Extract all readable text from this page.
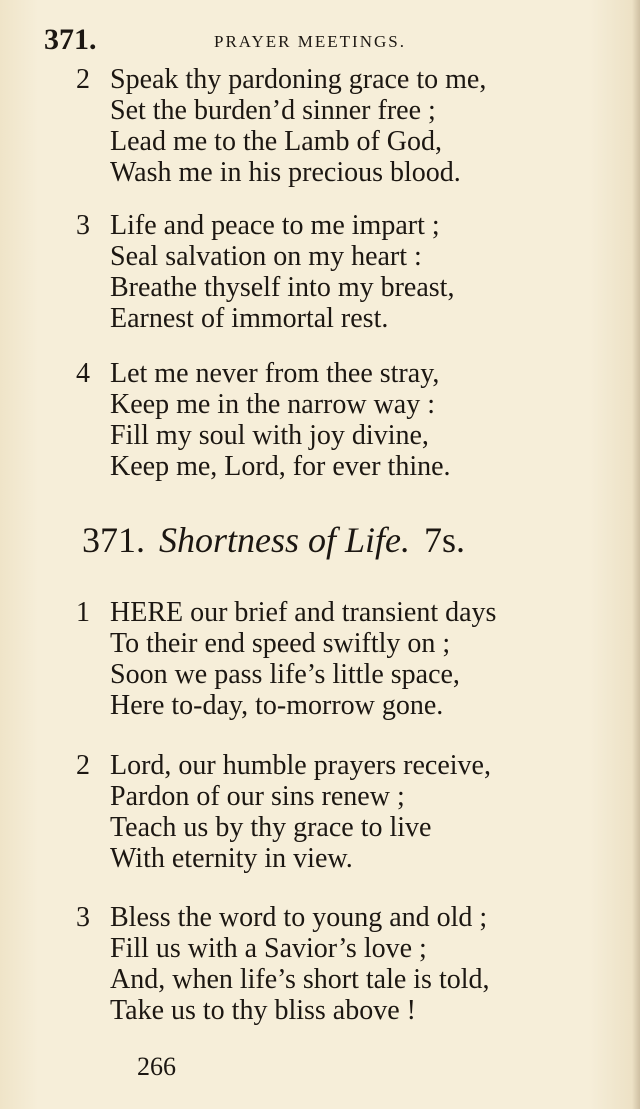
371.	PRAYER MEETINGS.
2 Speak thy pardoning grace to me,
Set the burden’d sinner free ;
Lead me to the Lamb of God,
Wash me in his precious blood.
3 Life and peace to me impart ;
Seal salvation on my heart :
Breathe thyself into my breast,
Earnest of immortal rest.
4 Let me never from thee stray,
Keep me in the narrow way :
Fill my soul with joy divine,
Keep me, Lord, for ever thine.
371. Shortness of Life. 7s.
1 HERE our brief and transient days
To their end speed swiftly on ;
Soon we pass life’s little space,
Here to-day, to-morrow gone.
2 Lord, our humble prayers receive,
Pardon of our sins renew ;
Teach us by thy grace to live
With eternity in view.
3 Bless the word to young and old ;
Fill us with a Savior’s love ;
And, when life’s short tale is told,
Take us to thy bliss above !
266
